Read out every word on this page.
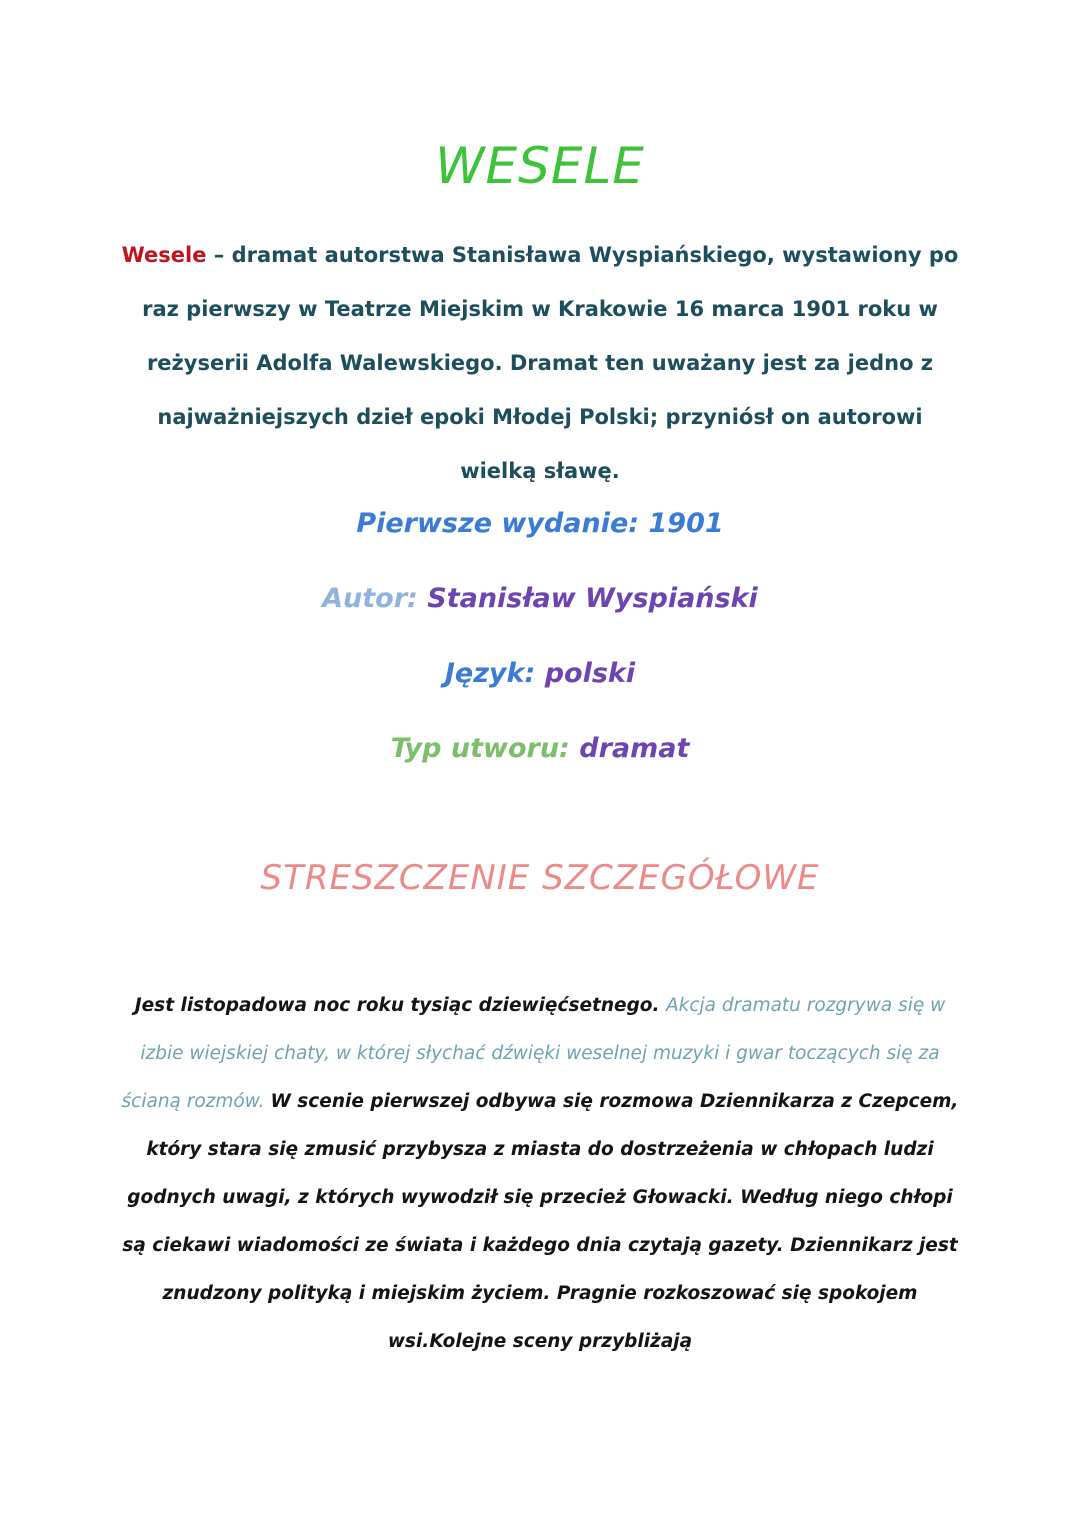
WESELE
Wesele – dramat autorstwa Stanisława Wyspiańskiego, wystawiony po raz pierwszy w Teatrze Miejskim w Krakowie 16 marca 1901 roku w reżyserii Adolfa Walewskiego. Dramat ten uważany jest za jedno z najważniejszych dzieł epoki Młodej Polski; przyniósł on autorowi wielką sławę.
Pierwsze wydanie: 1901
Autor: Stanisław Wyspiański
Język: polski
Typ utworu: dramat
STRESZCZENIE SZCZEGÓŁOWE
Jest listopadowa noc roku tysiąc dziewięćsetnego. Akcja dramatu rozgrywa się w izbie wiejskiej chaty, w której słychać dźwięki weselnej muzyki i gwar toczących się za ścianą rozmów. W scenie pierwszej odbywa się rozmowa Dziennikarza z Czepcem, który stara się zmusić przybysza z miasta do dostrzeżenia w chłopach ludzi godnych uwagi, z których wywodził się przecież Głowacki. Według niego chłopi są ciekawi wiadomości ze świata i każdego dnia czytają gazety. Dziennikarz jest znudzony polityką i miejskim życiem. Pragnie rozkoszować się spokojem wsi.Kolejne sceny przybliżają
